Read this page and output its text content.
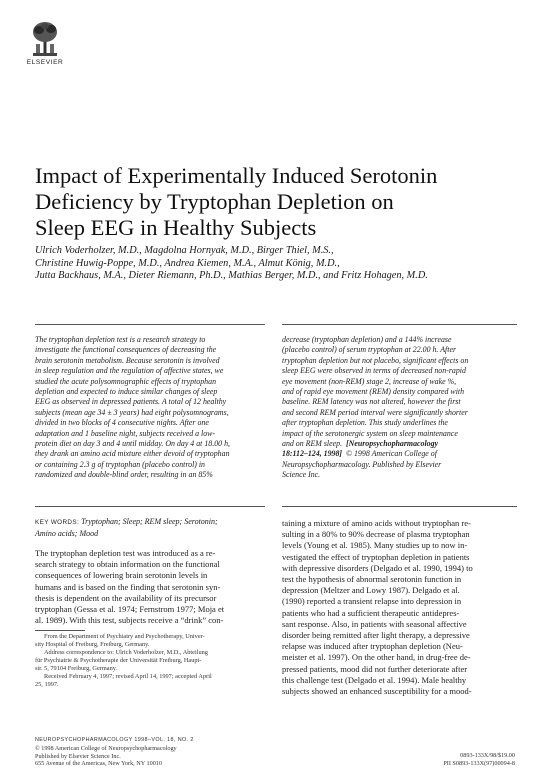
ELSEVIER
Impact of Experimentally Induced Serotonin
Deficiency by Tryptophan Depletion on
Sleep EEG in Healthy Subjects
Ulrich Voderholzer, M.D., Magdolna Hornyak, M.D., Birger Thiel, M.S.,
Christine Huwig-Poppe, M.D., Andrea Kiemen, M.A., Almut König, M.D.,
Jutta Backhaus, M.A., Dieter Riemann, Ph.D., Mathias Berger, M.D., and Fritz Hohagen, M.D.
The tryptophan depletion test is a research strategy to
investigate the functional consequences of decreasing the
brain serotonin metabolism. Because serotonin is involved
in sleep regulation and the regulation of affective states, we
studied the acute polysomnographic effects of tryptophan
depletion and expected to induce similar changes of sleep
EEG as observed in depressed patients. A total of 12 healthy
subjects (mean age 34 ± 3 years) had eight polysomnograms,
divided in two blocks of 4 consecutive nights. After one
adaptation and 1 baseline night, subjects received a low-
protein diet on day 3 and 4 until midday. On day 4 at 18.00 h,
they drank an amino acid mixture either devoid of tryptophan
or containing 2.3 g of tryptophan (placebo control) in
randomized and double-blind order, resulting in an 85%
decrease (tryptophan depletion) and a 144% increase
(placebo control) of serum tryptophan at 22.00 h. After
tryptophan depletion but not placebo, significant effects on
sleep EEG were observed in terms of decreased non-rapid
eye movement (non-REM) stage 2, increase of wake %,
and of rapid eye movement (REM) density compared with
baseline. REM latency was not altered, however the first
and second REM period interval were significantly shorter
after tryptophan depletion. This study underlines the
impact of the serotonergic system on sleep maintenance
and on REM sleep. [Neuropsychopharmacology
18:112–124, 1998] © 1998 American College of
Neuropsychopharmacology. Published by Elsevier
Science Inc.
KEY WORDS: Tryptophan; Sleep; REM sleep; Serotonin;
Amino acids; Mood
The tryptophan depletion test was introduced as a re-
search strategy to obtain information on the functional
consequences of lowering brain serotonin levels in
humans and is based on the finding that serotonin syn-
thesis is dependent on the availability of its precursor
tryptophan (Gessa et al. 1974; Fernstrom 1977; Moja et
al. 1989). With this test, subjects receive a “drink” con-
From the Department of Psychiatry and Psychotherapy, Univer-
sity Hospital of Freiburg, Freiburg, Germany.
Address correspondence to: Ulrich Voderholzer, M.D., Abteilung
für Psychiatrie & Psychotherapie der Universität Freiburg, Haupt-
str. 5, 79104 Freiburg, Germany.
Received February 4, 1997; revised April 14, 1997; accepted April
25, 1997.
taining a mixture of amino acids without tryptophan re-
sulting in a 80% to 90% decrease of plasma tryptophan
levels (Young et al. 1985). Many studies up to now in-
vestigated the effect of tryptophan depletion in patients
with depressive disorders (Delgado et al. 1990, 1994) to
test the hypothesis of abnormal serotonin function in
depression (Meltzer and Lowy 1987). Delgado et al.
(1990) reported a transient relapse into depression in
patients who had a sufficient therapeutic antidepres-
sant response. Also, in patients with seasonal affective
disorder being remitted after light therapy, a depressive
relapse was induced after tryptophan depletion (Neu-
meister et al. 1997). On the other hand, in drug-free de-
pressed patients, mood did not further deteriorate after
this challenge test (Delgado et al. 1994). Male healthy
subjects showed an enhanced susceptibility for a mood-
NEUROPSYCHOPHARMACOLOGY 1998–VOL. 18, NO. 2
© 1998 American College of Neuropsychopharmacology
Published by Elsevier Science Inc.
655 Avenue of the Americas, New York, NY 10010
0893-133X/98/$19.00
PII S0893-133X(97)00094-8
